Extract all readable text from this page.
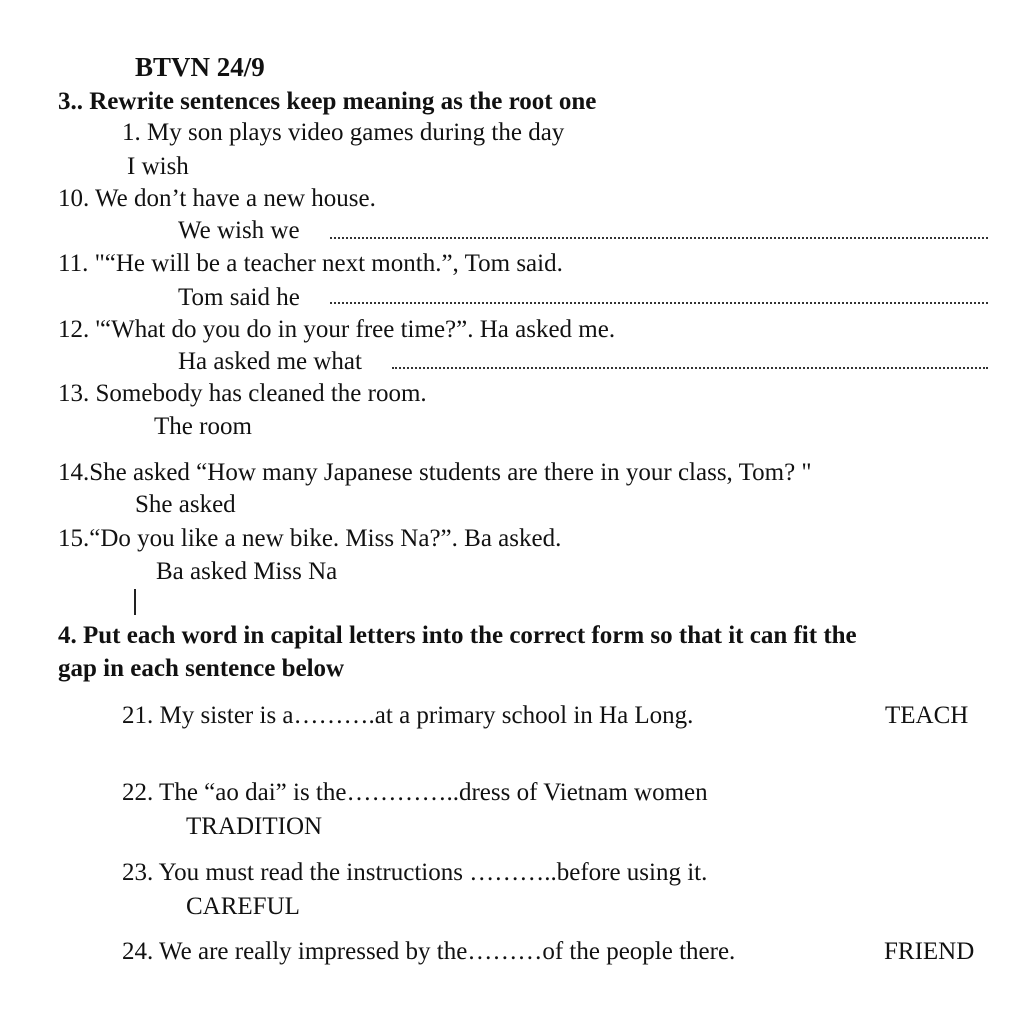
BTVN 24/9
3.. Rewrite sentences keep meaning as the root one
1. My son plays video games during the day
I wish
10. We don’t have a new house.
We wish we
11. "“He will be a teacher next month.”, Tom said.
Tom said he
12. '“What do you do in your free time?”. Ha asked me.
Ha asked me what
13. Somebody has cleaned the room.
The room
14.She asked “How many Japanese students are there in your class, Tom? "
She asked
15.“Do you like a new bike. Miss Na?”. Ba asked.
Ba asked Miss Na
4. Put each word in capital letters into the correct form so that it can fit the
gap in each sentence below
21. My sister is a……….at a primary school in Ha Long.	TEACH
22. The “ao dai” is the…………..dress of Vietnam women
TRADITION
23. You must read the instructions ………..before using it.
CAREFUL
24. We are really impressed by the………of the people there.	FRIEND
